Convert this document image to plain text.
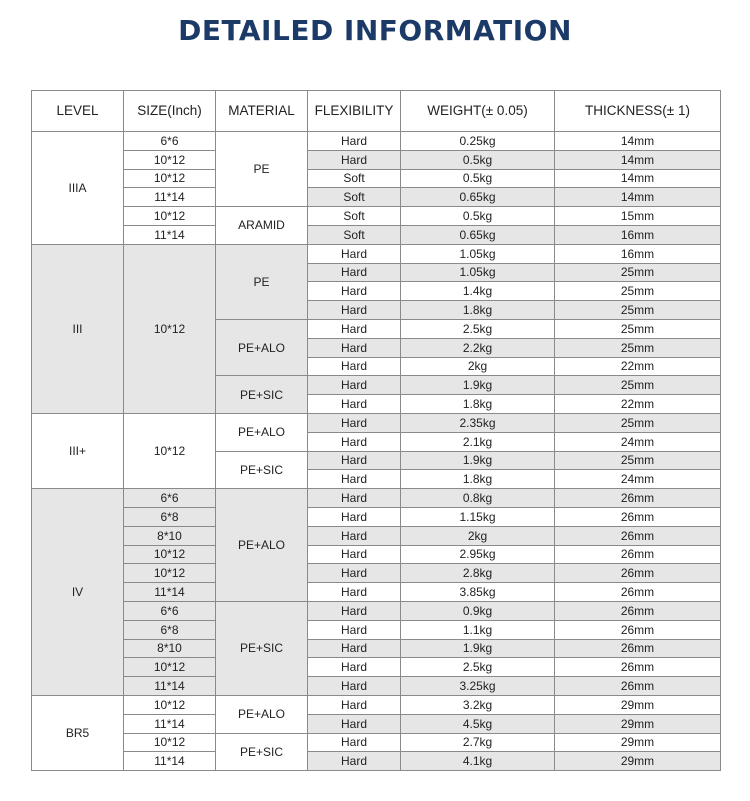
DETAILED INFORMATION
LEVEL	SIZE(Inch)	MATERIAL	FLEXIBILITY	WEIGHT(± 0.05)	THICKNESS(± 1)
IIIA	6*6	PE	Hard	0.25kg	14mm
	10*12		Hard	0.5kg	14mm
	10*12		Soft	0.5kg	14mm
	11*14		Soft	0.65kg	14mm
	10*12	ARAMID	Soft	0.5kg	15mm
	11*14		Soft	0.65kg	16mm
III	10*12	PE	Hard	1.05kg	16mm
			Hard	1.05kg	25mm
			Hard	1.4kg	25mm
			Hard	1.8kg	25mm
		PE+ALO	Hard	2.5kg	25mm
			Hard	2.2kg	25mm
			Hard	2kg	22mm
		PE+SIC	Hard	1.9kg	25mm
			Hard	1.8kg	22mm
III+	10*12	PE+ALO	Hard	2.35kg	25mm
			Hard	2.1kg	24mm
		PE+SIC	Hard	1.9kg	25mm
			Hard	1.8kg	24mm
IV	6*6	PE+ALO	Hard	0.8kg	26mm
	6*8		Hard	1.15kg	26mm
	8*10		Hard	2kg	26mm
	10*12		Hard	2.95kg	26mm
	10*12		Hard	2.8kg	26mm
	11*14		Hard	3.85kg	26mm
	6*6	PE+SIC	Hard	0.9kg	26mm
	6*8		Hard	1.1kg	26mm
	8*10		Hard	1.9kg	26mm
	10*12		Hard	2.5kg	26mm
	11*14		Hard	3.25kg	26mm
BR5	10*12	PE+ALO	Hard	3.2kg	29mm
	11*14		Hard	4.5kg	29mm
	10*12	PE+SIC	Hard	2.7kg	29mm
	11*14		Hard	4.1kg	29mm
